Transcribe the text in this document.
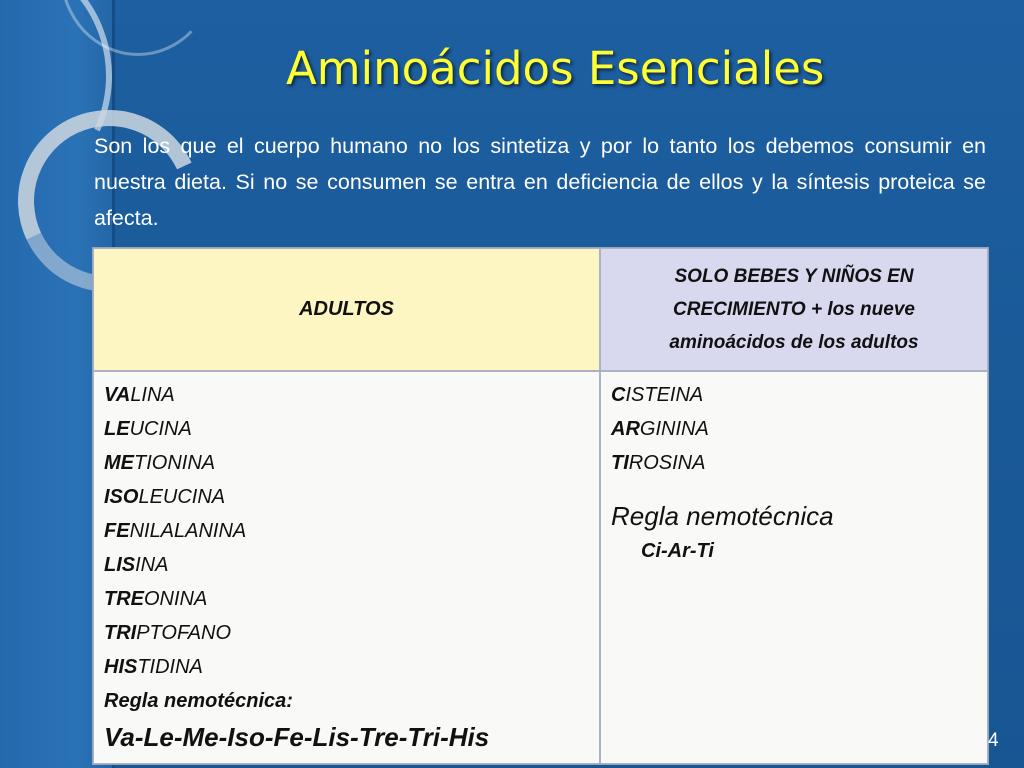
Aminoácidos Esenciales
Son los que el cuerpo humano no los sintetiza y por lo tanto los debemos consumir en nuestra dieta. Si no se consumen se entra en deficiencia de ellos y la síntesis proteica se afecta.
ADULTOS
SOLO BEBES Y NIÑOS EN
CRECIMIENTO + los nueve
aminoácidos de los adultos
VALINA
LEUCINA
METIONINA
ISOLEUCINA
FENILALANINA
LISINA
TREONINA
TRIPTOFANO
HISTIDINA
Regla nemotécnica:
Va-Le-Me-Iso-Fe-Lis-Tre-Tri-His
CISTEINA
ARGININA
TIROSINA
Regla nemotécnica
Ci-Ar-Ti
4
